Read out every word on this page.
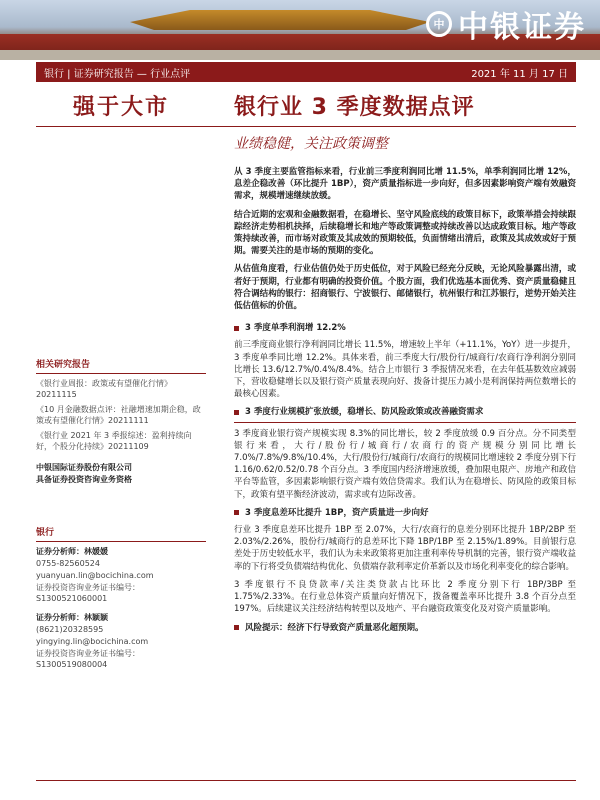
中 中银证券
银行 | 证券研究报告 — 行业点评	2021 年 11 月 17 日
强于大市	银行业 3 季度数据点评
业绩稳健，关注政策调整

从 3 季度主要监管指标来看，行业前三季度利润同比增 11.5%，单季利润同比增 12%，息差企稳改善（环比提升 1BP），资产质量指标进一步向好，但多因素影响资产端有效融资需求，规模增速继续放缓。

结合近期的宏观和金融数据看，在稳增长、坚守风险底线的政策目标下，政策举措会持续跟踪经济走势相机抉择，后续稳增长和地产等政策调整或持续改善以达成政策目标。地产等政策持续改善，而市场对政策及其成效的预期较低，负面情绪出清后，政策及其成效或好于预期。需要关注的是市场的预期的变化。

从估值角度看，行业估值仍处于历史低位，对于风险已经充分反映，无论风险暴露出清，或者好于预期，行业都有明确的投资价值。个股方面，我们优选基本面优秀、资产质量稳健且符合调结构的银行：招商银行、宁波银行、邮储银行，杭州银行和江苏银行，逆势开始关注低估值标的价值。

3 季度单季利润增 12.2%

前三季度商业银行净利润同比增长 11.5%，增速较上半年（+11.1%，YoY）进一步提升，3 季度单季同比增 12.2%。具体来看，前三季度大行/股份行/城商行/农商行净利润分别同比增长 13.6/12.7%/0.4%/8.4%。结合上市银行 3 季报情况来看，在去年低基数效应减弱下，营收稳健增长以及银行资产质量表现向好、拨备计提压力减小是利润保持两位数增长的最核心因素。

3 季度行业规模扩张放缓，稳增长、防风险政策或改善融资需求

3 季度商业银行资产规模实现 8.3%的同比增长，较 2 季度放缓 0.9 百分点。分不同类型银行来看，大行/股份行/城商行/农商行的资产规模分别同比增长 7.0%/7.8%/9.8%/10.4%，大行/股份行/城商行/农商行的规模同比增速较 2 季度分别下行 1.16/0.62/0.52/0.78 个百分点。3 季度国内经济增速放缓，叠加限电限产、房地产和政信平台等监管，多因素影响银行资产端有效信贷需求。我们认为在稳增长、防风险的政策目标下，政策有望平衡经济波动，需求或有边际改善。

3 季度息差环比提升 1BP，资产质量进一步向好

行业 3 季度息差环比提升 1BP 至 2.07%，大行/农商行的息差分别环比提升 1BP/2BP 至 2.03%/2.26%，股份行/城商行的息差环比下降 1BP/1BP 至 2.15%/1.89%。目前银行息差处于历史较低水平，我们认为未来政策将更加注重利率传导机制的完善，银行资产端收益率的下行将受负债端结构优化、负债端存款利率定价革新以及市场化利率变化的综合影响。

3 季度银行不良贷款率/关注类贷款占比环比 2 季度分别下行 1BP/3BP 至 1.75%/2.33%。在行业总体资产质量向好情况下，拨备覆盖率环比提升 3.8 个百分点至 197%。后续建议关注经济结构转型以及地产、平台融资政策变化及对资产质量影响。

风险提示：经济下行导致资产质量恶化超预期。
相关研究报告

《银行业周报：政策或有望催化行情》20211115

《10 月金融数据点评：社融增速加期企稳，政策或有望催化行情》20211111

《银行业 2021 年 3 季报综述：盈利持续向好，个股分化持续》20211109

中银国际证券股份有限公司

具备证券投资咨询业务资格

银行

证券分析师：林媛媛

0755-82560524

yuanyuan.lin@bocichina.com

证券投资咨询业务证书编号：S1300521060001

证券分析师：林颖颖

(8621)20328595

yingying.lin@bocichina.com

证券投资咨询业务证书编号：S1300519080004
